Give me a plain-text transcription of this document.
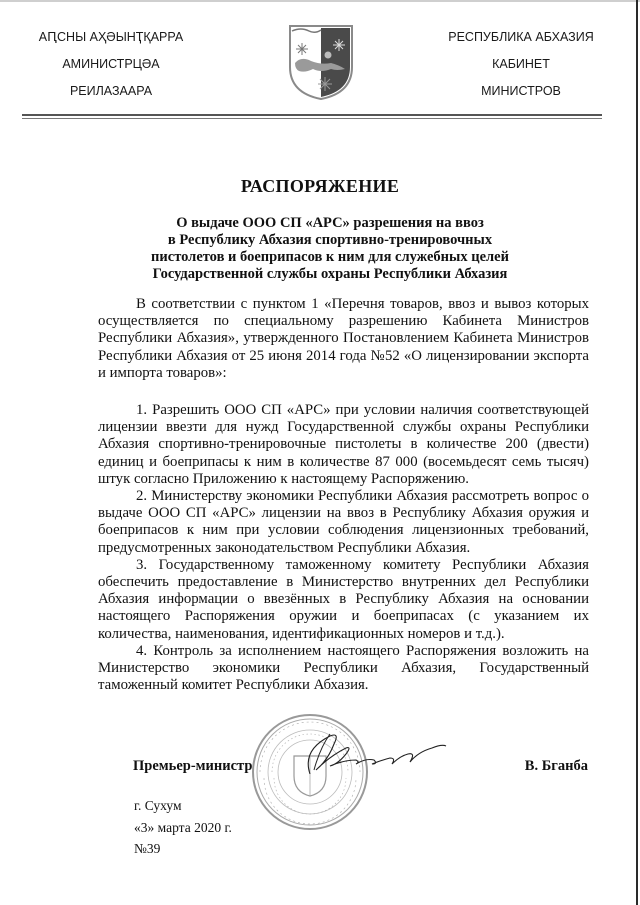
АԤСНЫ АҲӘЫНҬҚАРРА
АМИНИСТРЦӘА
РЕИЛАЗААРА
РЕСПУБЛИКА АБХАЗИЯ
КАБИНЕТ
МИНИСТРОВ
РАСПОРЯЖЕНИЕ
О выдаче ООО СП «АРС» разрешения на ввоз
в Республику Абхазия спортивно-тренировочных
пистолетов и боеприпасов к ним для служебных целей
Государственной службы охраны Республики Абхазия

В соответствии с пунктом 1 «Перечня товаров, ввоз и вывоз которых осуществляется по специальному разрешению Кабинета Министров Республики Абхазия», утвержденного Постановлением Кабинета Министров Республики Абхазия от 25 июня 2014 года №52 «О лицензировании экспорта и импорта товаров»:

1. Разрешить ООО СП «АРС» при условии наличия соответствующей лицензии ввезти для нужд Государственной службы охраны Республики Абхазия спортивно-тренировочные пистолеты в количестве 200 (двести) единиц и боеприпасы к ним в количестве 87 000 (восемьдесят семь тысяч) штук согласно Приложению к настоящему Распоряжению.

2. Министерству экономики Республики Абхазия рассмотреть вопрос о выдаче ООО СП «АРС» лицензии на ввоз в Республику Абхазия оружия и боеприпасов к ним при условии соблюдения лицензионных требований, предусмотренных законодательством Республики Абхазия.

3. Государственному таможенному комитету Республики Абхазия обеспечить предоставление в Министерство внутренних дел Республики Абхазия информации о ввезённых в Республику Абхазия на основании настоящего Распоряжения оружии и боеприпасах (с указанием их количества, наименования, идентификационных номеров и т.д.).

4. Контроль за исполнением настоящего Распоряжения возложить на Министерство экономики Республики Абхазия, Государственный таможенный комитет Республики Абхазия.

Премьер-министр	В. Бганба
г. Сухум
«3» марта 2020 г.
№39
